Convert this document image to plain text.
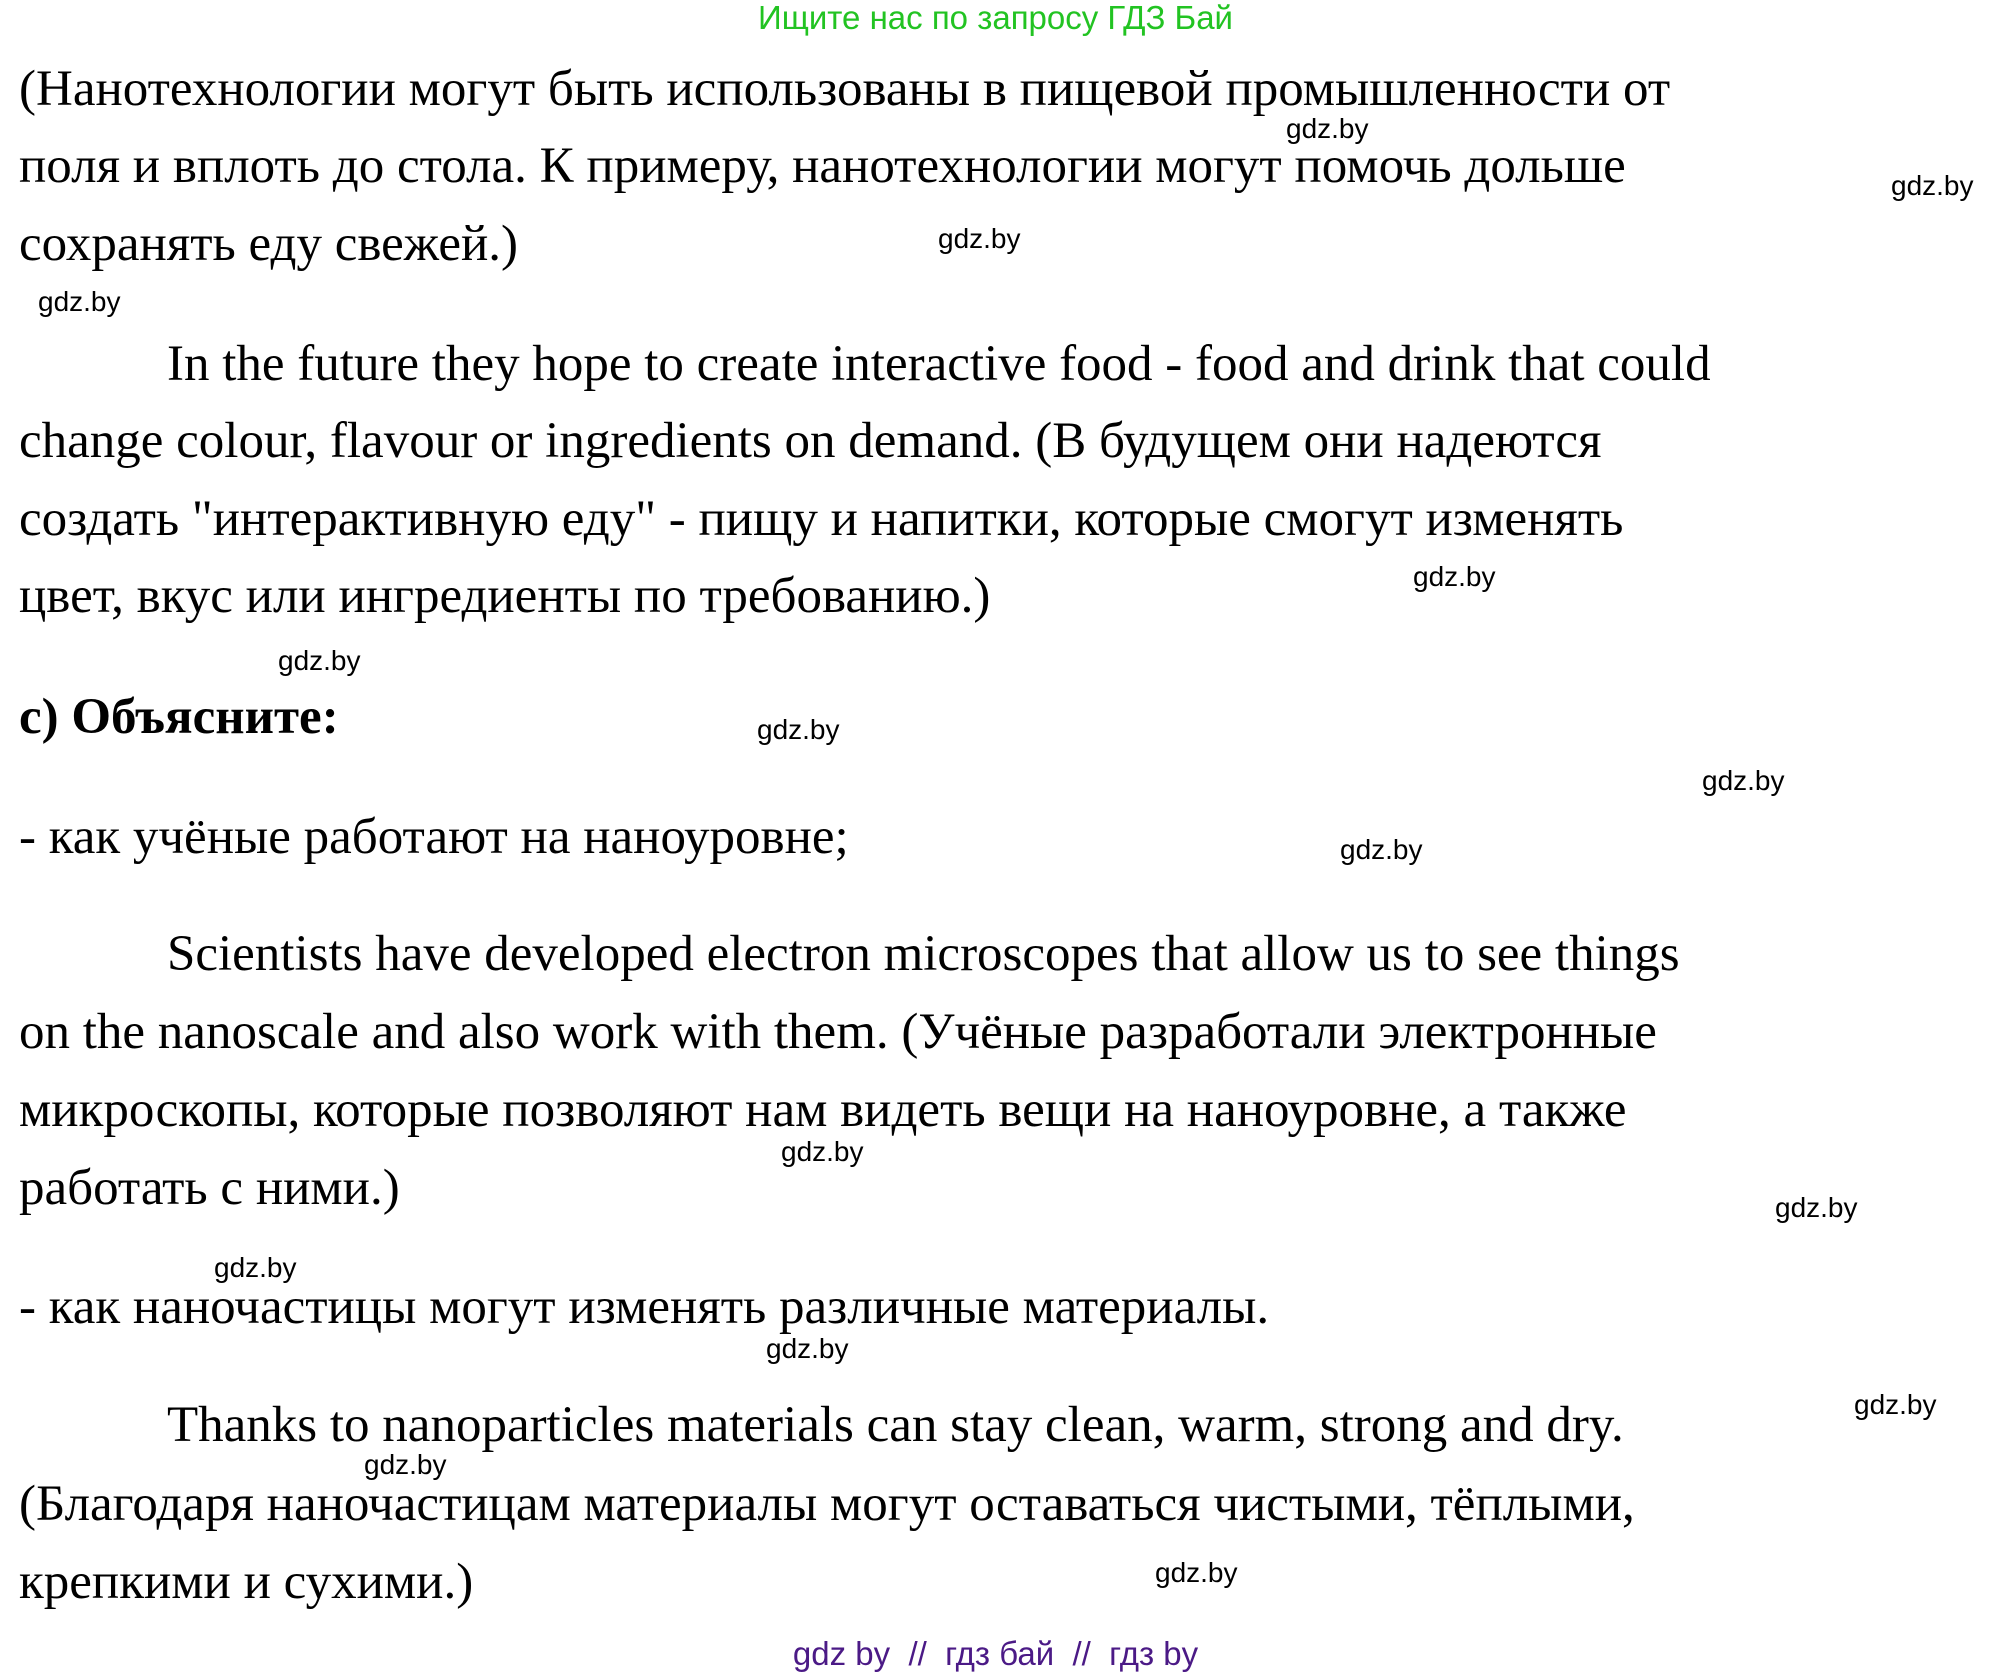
Ищите нас по запросу ГДЗ Бай
(Нанотехнологии могут быть использованы в пищевой промышленности от
поля и вплоть до стола. К примеру, нанотехнологии могут помочь дольше
сохранять еду свежей.)
In the future they hope to create interactive food - food and drink that could
change colour, flavour or ingredients on demand. (В будущем они надеются
создать "интерактивную еду" - пищу и напитки, которые смогут изменять
цвет, вкус или ингредиенты по требованию.)
c) Объясните:
- как учёные работают на наноуровне;
Scientists have developed electron microscopes that allow us to see things
on the nanoscale and also work with them. (Учёные разработали электронные
микроскопы, которые позволяют нам видеть вещи на наноуровне, а также
работать с ними.)
- как наночастицы могут изменять различные материалы.
Thanks to nanoparticles materials can stay clean, warm, strong and dry.
(Благодаря наночастицам материалы могут оставаться чистыми, тёплыми,
крепкими и сухими.)
gdz.by
gdz.by
gdz.by
gdz.by
gdz.by
gdz.by
gdz.by
gdz.by
gdz.by
gdz.by
gdz.by
gdz.by
gdz.by
gdz.by
gdz.by
gdz.by
gdz by  //  гдз бай  //  гдз by
